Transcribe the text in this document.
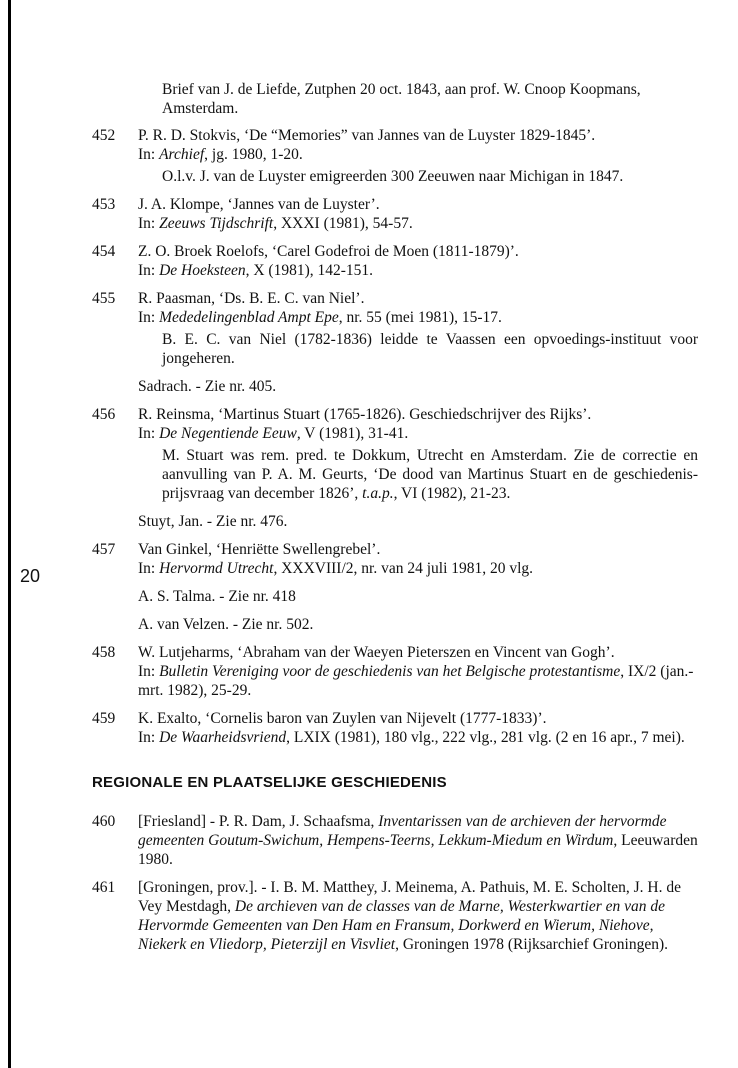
20
Brief van J. de Liefde, Zutphen 20 oct. 1843, aan prof. W. Cnoop Koopmans, Amsterdam.
452	P. R. D. Stokvis, ‘De “Memories” van Jannes van de Luyster 1829-1845’.
In: Archief, jg. 1980, 1-20.
O.l.v. J. van de Luyster emigreerden 300 Zeeuwen naar Michigan in 1847.
453	J. A. Klompe, ‘Jannes van de Luyster’.
In: Zeeuws Tijdschrift, XXXI (1981), 54-57.
454	Z. O. Broek Roelofs, ‘Carel Godefroi de Moen (1811-1879)’.
In: De Hoeksteen, X (1981), 142-151.
455	R. Paasman, ‘Ds. B. E. C. van Niel’.
In: Mededelingenblad Ampt Epe, nr. 55 (mei 1981), 15-17.
B. E. C. van Niel (1782-1836) leidde te Vaassen een opvoedings-instituut voor jongeheren.
Sadrach. - Zie nr. 405.
456	R. Reinsma, ‘Martinus Stuart (1765-1826). Geschiedschrijver des Rijks’.
In: De Negentiende Eeuw, V (1981), 31-41.
M. Stuart was rem. pred. te Dokkum, Utrecht en Amsterdam. Zie de correctie en aanvulling van P. A. M. Geurts, ‘De dood van Martinus Stuart en de geschiedenis-prijsvraag van december 1826’, t.a.p., VI (1982), 21-23.
Stuyt, Jan. - Zie nr. 476.
457	Van Ginkel, ‘Henriëtte Swellengrebel’.
In: Hervormd Utrecht, XXXVIII/2, nr. van 24 juli 1981, 20 vlg.
A. S. Talma. - Zie nr. 418
A. van Velzen. - Zie nr. 502.
458	W. Lutjeharms, ‘Abraham van der Waeyen Pieterszen en Vincent van Gogh’.
In: Bulletin Vereniging voor de geschiedenis van het Belgische protestantisme, IX/2 (jan.-mrt. 1982), 25-29.
459	K. Exalto, ‘Cornelis baron van Zuylen van Nijevelt (1777-1833)’.
In: De Waarheidsvriend, LXIX (1981), 180 vlg., 222 vlg., 281 vlg. (2 en 16 apr., 7 mei).
REGIONALE EN PLAATSELIJKE GESCHIEDENIS
460	[Friesland] - P. R. Dam, J. Schaafsma, Inventarissen van de archieven der hervormde gemeenten Goutum-Swichum, Hempens-Teerns, Lekkum-Miedum en Wirdum, Leeuwarden 1980.
461	[Groningen, prov.]. - I. B. M. Matthey, J. Meinema, A. Pathuis, M. E. Scholten, J. H. de Vey Mestdagh, De archieven van de classes van de Marne, Westerkwartier en van de Hervormde Gemeenten van Den Ham en Fransum, Dorkwerd en Wierum, Niehove, Niekerk en Vliedorp, Pieterzijl en Visvliet, Groningen 1978 (Rijksarchief Groningen).
